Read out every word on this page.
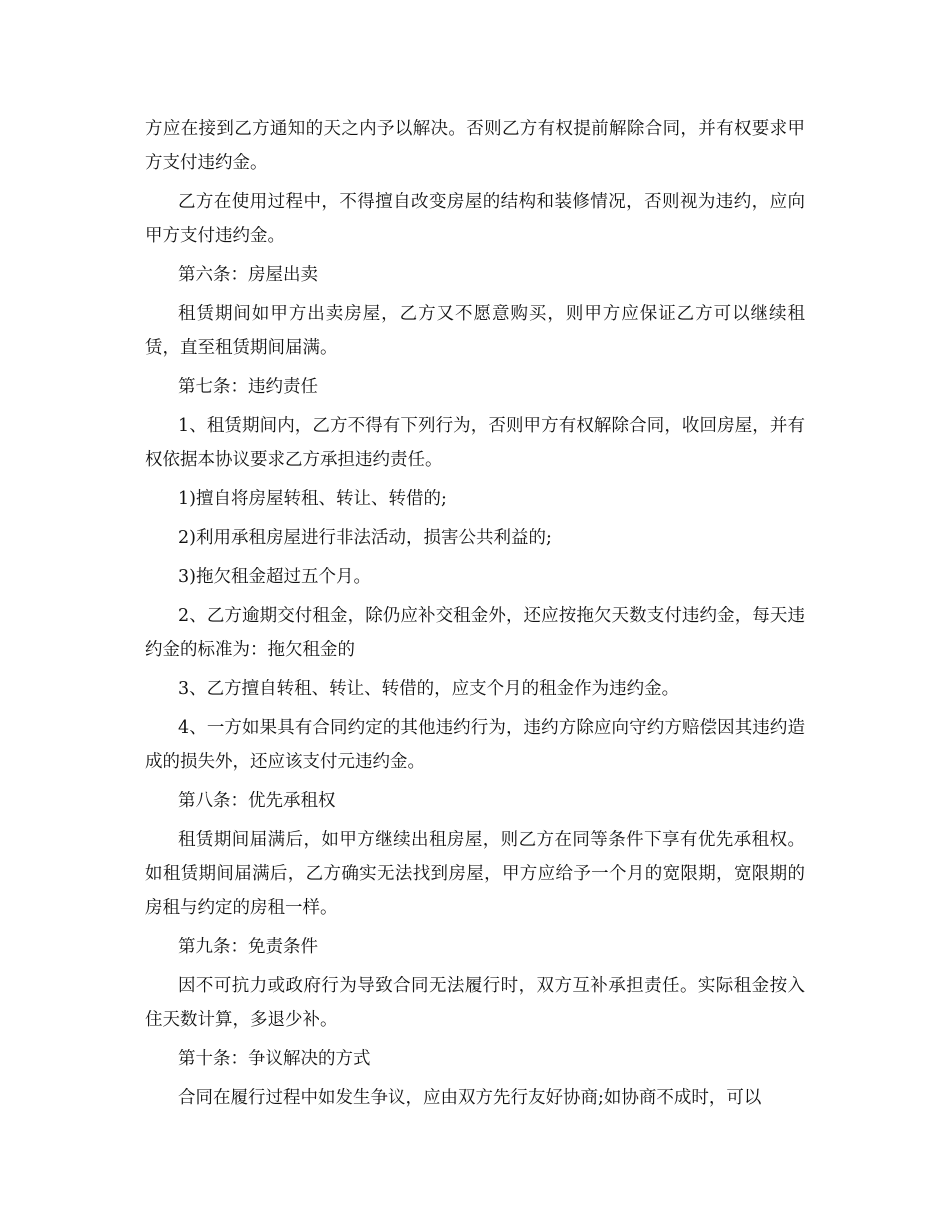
方应在接到乙方通知的天之内予以解决。否则乙方有权提前解除合同，并有权要求甲方支付违约金。

乙方在使用过程中，不得擅自改变房屋的结构和装修情况，否则视为违约，应向甲方支付违约金。

第六条：房屋出卖

租赁期间如甲方出卖房屋，乙方又不愿意购买，则甲方应保证乙方可以继续租赁，直至租赁期间届满。

第七条：违约责任

1、租赁期间内，乙方不得有下列行为，否则甲方有权解除合同，收回房屋，并有权依据本协议要求乙方承担违约责任。

1)擅自将房屋转租、转让、转借的;

2)利用承租房屋进行非法活动，损害公共利益的;

3)拖欠租金超过五个月。

2、乙方逾期交付租金，除仍应补交租金外，还应按拖欠天数支付违约金，每天违约金的标准为：拖欠租金的

3、乙方擅自转租、转让、转借的，应支个月的租金作为违约金。

4、一方如果具有合同约定的其他违约行为，违约方除应向守约方赔偿因其违约造成的损失外，还应该支付元违约金。

第八条：优先承租权

租赁期间届满后，如甲方继续出租房屋，则乙方在同等条件下享有优先承租权。如租赁期间届满后，乙方确实无法找到房屋，甲方应给予一个月的宽限期，宽限期的房租与约定的房租一样。

第九条：免责条件

因不可抗力或政府行为导致合同无法履行时，双方互补承担责任。实际租金按入住天数计算，多退少补。

第十条：争议解决的方式

合同在履行过程中如发生争议，应由双方先行友好协商;如协商不成时，可以
